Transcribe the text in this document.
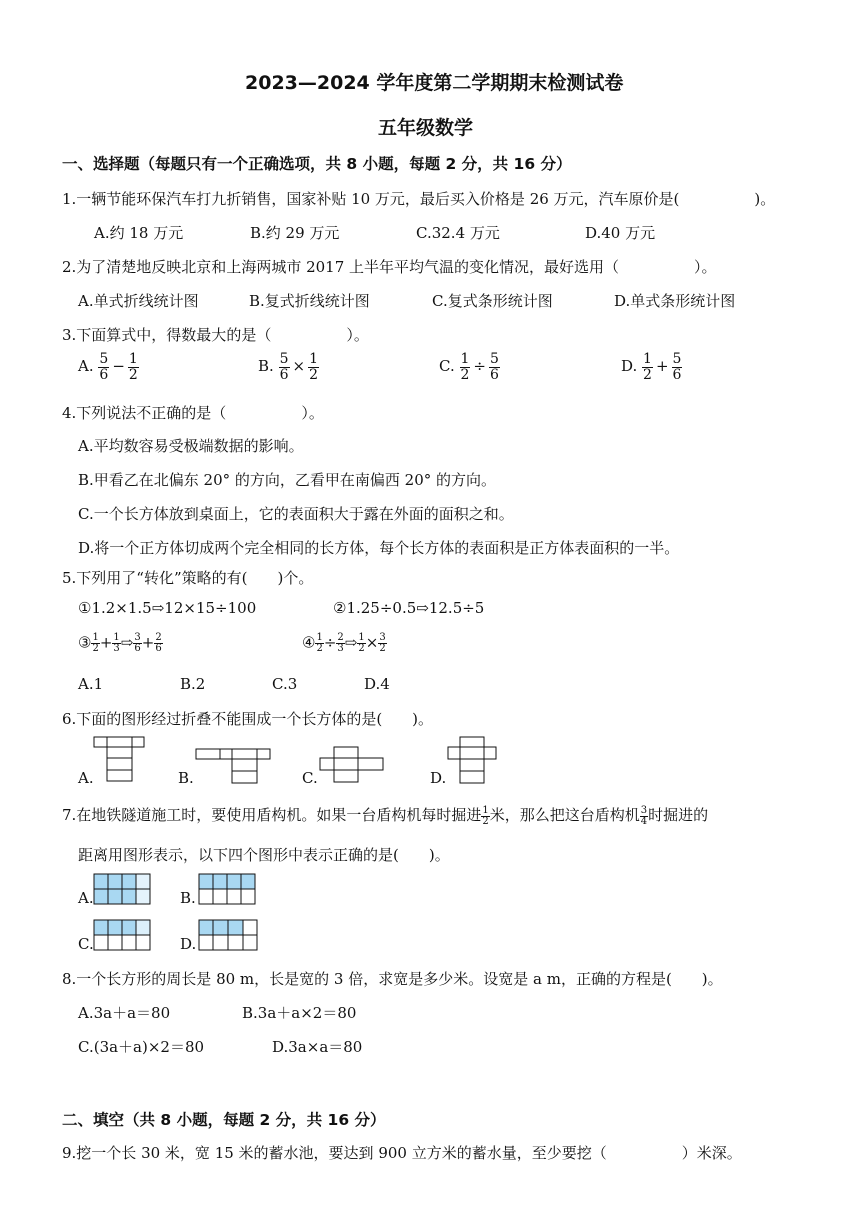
2023—2024 学年度第二学期期末检测试卷
五年级数学
一、选择题（每题只有一个正确选项，共 8 小题，每题 2 分，共 16 分）
1.一辆节能环保汽车打九折销售，国家补贴 10 万元，最后买入价格是 26 万元，汽车原价是(　　　　　)。
A.约 18 万元	B.约 29 万元	C.32.4 万元	D.40 万元
2.为了清楚地反映北京和上海两城市 2017 上半年平均气温的变化情况，最好选用（　　　　　）。
A.单式折线统计图	B.复式折线统计图	C.复式条形统计图	D.单式条形统计图
3.下面算式中，得数最大的是（　　　　　）。
A. $\frac{5}{6} - \frac{1}{2}$	B. $\frac{5}{6} \times \frac{1}{2}$	C. $\frac{1}{2} \div \frac{5}{6}$	D. $\frac{1}{2} + \frac{5}{6}$
4.下列说法不正确的是（　　　　　）。
A.平均数容易受极端数据的影响。
B.甲看乙在北偏东 20° 的方向，乙看甲在南偏西 20° 的方向。
C.一个长方体放到桌面上，它的表面积大于露在外面的面积之和。
D.将一个正方体切成两个完全相同的长方体，每个长方体的表面积是正方体表面积的一半。
5.下列用了“转化”策略的有(　　)个。
①1.2×1.5⇨12×15÷100	②1.25÷0.5⇨12.5÷5
③ $\frac{1}{2} + \frac{1}{3}$ ⇨ $\frac{3}{6} + \frac{2}{6}$	④ $\frac{1}{2} \div \frac{2}{3}$ ⇨ $\frac{1}{2} \times \frac{3}{2}$
A.1	B.2	C.3	D.4
6.下面的图形经过折叠不能围成一个长方体的是(　　)。
A.	B.	C.	D.
7.在地铁隧道施工时，要使用盾构机。如果一台盾构机每时掘进 $\frac{1}{2}$ 米，那么把这台盾构机 $\frac{3}{4}$ 时掘进的
距离用图形表示，以下四个图形中表示正确的是(　　)。
A.	B.
C.	D.
8.一个长方形的周长是 80 m，长是宽的 3 倍，求宽是多少米。设宽是 a m，正确的方程是(　　)。
A.3a＋a＝80	B.3a＋a×2＝80
C.(3a＋a)×2＝80	D.3a×a＝80
二、填空（共 8 小题，每题 2 分，共 16 分）
9.挖一个长 30 米，宽 15 米的蓄水池，要达到 900 立方米的蓄水量，至少要挖（　　　　　）米深。
